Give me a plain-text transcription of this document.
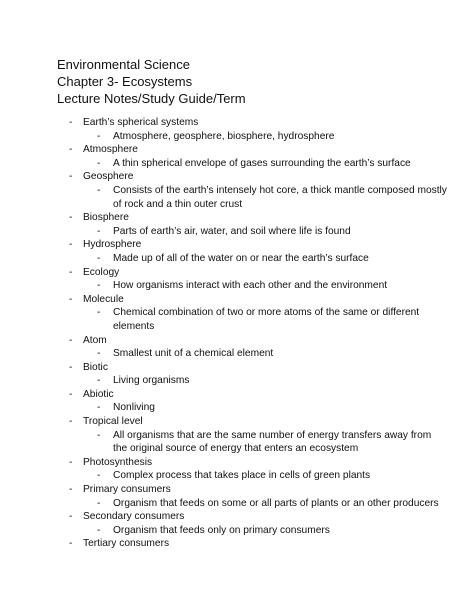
Environmental Science
Chapter 3- Ecosystems
Lecture Notes/Study Guide/Term
- Earth’s spherical systems
- Atmosphere, geosphere, biosphere, hydrosphere
- Atmosphere
- A thin spherical envelope of gases surrounding the earth’s surface
- Geosphere
- Consists of the earth’s intensely hot core, a thick mantle composed mostly of rock and a thin outer crust
- Biosphere
- Parts of earth’s air, water, and soil where life is found
- Hydrosphere
- Made up of all of the water on or near the earth’s surface
- Ecology
- How organisms interact with each other and the environment
- Molecule
- Chemical combination of two or more atoms of the same or different elements
- Atom
- Smallest unit of a chemical element
- Biotic
- Living organisms
- Abiotic
- Nonliving
- Tropical level
- All organisms that are the same number of energy transfers away from the original source of energy that enters an ecosystem
- Photosynthesis
- Complex process that takes place in cells of green plants
- Primary consumers
- Organism that feeds on some or all parts of plants or an other producers
- Secondary consumers
- Organism that feeds only on primary consumers
- Tertiary consumers
